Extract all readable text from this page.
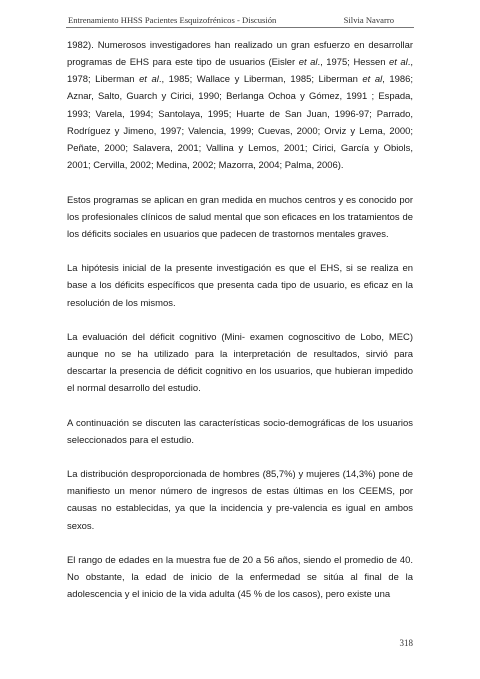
Entrenamiento HHSS Pacientes Esquizofrénicos - Discusión	Silvia Navarro

1982). Numerosos investigadores han realizado un gran esfuerzo en desarrollar programas de EHS para este tipo de usuarios (Eisler et al., 1975; Hessen et al., 1978; Liberman et al., 1985; Wallace y Liberman, 1985; Liberman et al, 1986; Aznar, Salto, Guarch y Cirici, 1990; Berlanga Ochoa y Gómez, 1991 ; Espada, 1993; Varela, 1994; Santolaya, 1995; Huarte de San Juan, 1996-97; Parrado, Rodríguez y Jimeno, 1997; Valencia, 1999; Cuevas, 2000; Orviz y Lema, 2000; Peñate, 2000; Salavera, 2001; Vallina y Lemos, 2001; Cirici, García y Obiols, 2001; Cervilla, 2002; Medina, 2002; Mazorra, 2004; Palma, 2006).

Estos programas se aplican en gran medida en muchos centros y es conocido por los profesionales clínicos de salud mental que son eficaces en los tratamientos de los déficits sociales en usuarios que padecen de trastornos mentales graves.

La hipótesis inicial de la presente investigación es que el EHS, si se realiza en base a los déficits específicos que presenta cada tipo de usuario, es eficaz en la resolución de los mismos.

La evaluación del déficit cognitivo (Mini- examen cognoscitivo de Lobo, MEC) aunque no se ha utilizado para la interpretación de resultados, sirvió para descartar la presencia de déficit cognitivo en los usuarios, que hubieran impedido el normal desarrollo del estudio.

A continuación se discuten las características socio-demográficas de los usuarios seleccionados para el estudio.

La distribución desproporcionada de hombres (85,7%) y mujeres (14,3%) pone de manifiesto un menor número de ingresos de estas últimas en los CEEMS, por causas no establecidas, ya que la incidencia y pre-valencia es igual en ambos sexos.

El rango de edades en la muestra fue de 20 a 56 años, siendo el promedio de 40. No obstante, la edad de inicio de la enfermedad se sitúa al final de la adolescencia y el inicio de la vida adulta (45 % de los casos), pero existe una

318
